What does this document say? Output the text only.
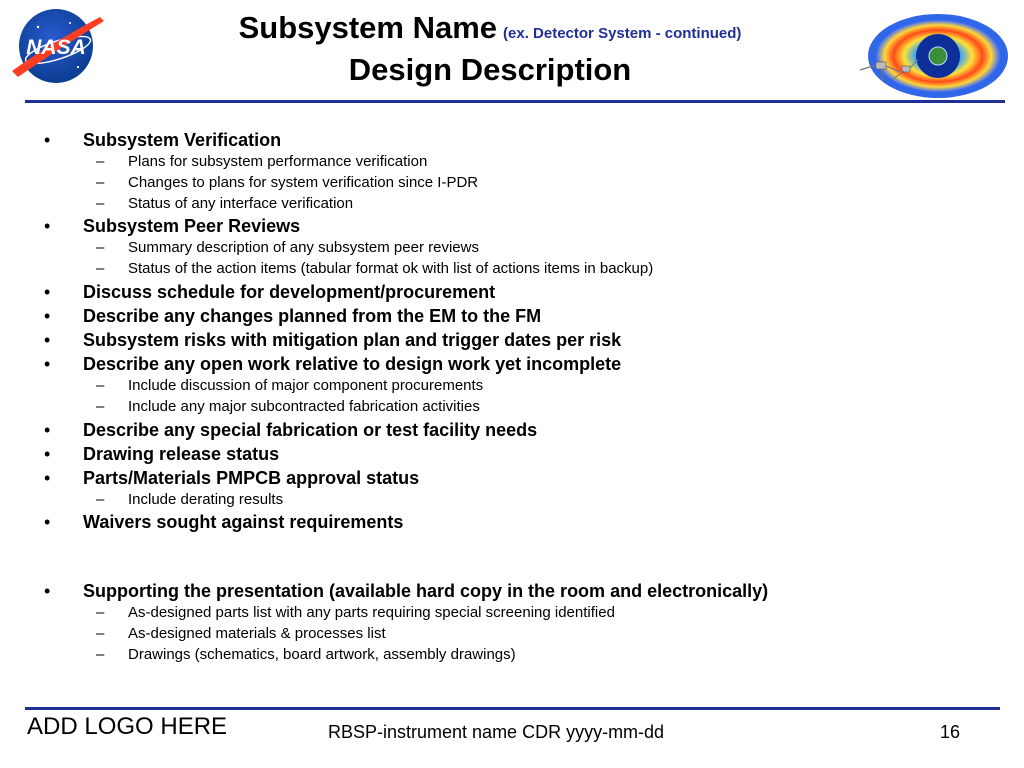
NASA
Subsystem Name (ex. Detector System - continued)
Design Description
• Subsystem Verification
– Plans for subsystem performance verification
– Changes to plans for system verification since I-PDR
– Status of any interface verification
• Subsystem Peer Reviews
– Summary description of any subsystem peer reviews
– Status of the action items (tabular format ok with list of actions items in backup)
• Discuss schedule for development/procurement
• Describe any changes planned from the EM to the FM
• Subsystem risks with mitigation plan and trigger dates per risk
• Describe any open work relative to design work yet incomplete
– Include discussion of major component procurements
– Include any major subcontracted fabrication activities
• Describe any special fabrication or test facility needs
• Drawing release status
• Parts/Materials PMPCB approval status
– Include derating results
• Waivers sought against requirements
• Supporting the presentation (available hard copy in the room and electronically)
– As-designed parts list with any parts requiring special screening identified
– As-designed materials & processes list
– Drawings (schematics, board artwork, assembly drawings)
ADD LOGO HERE	RBSP-instrument name CDR yyyy-mm-dd	16
